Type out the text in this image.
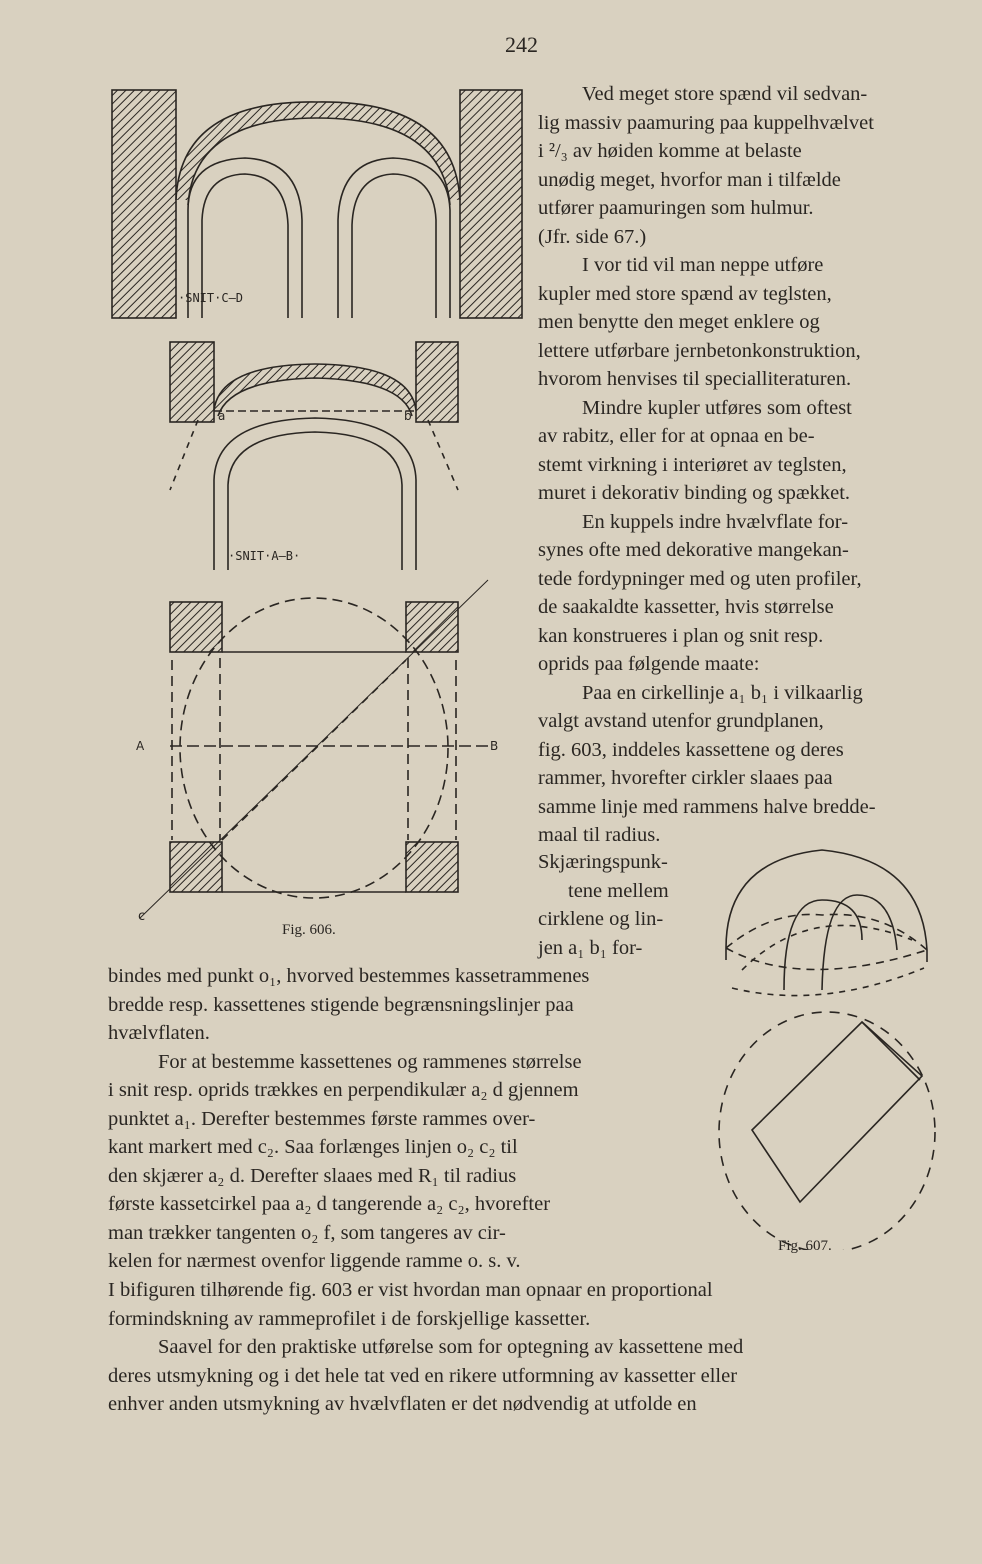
242
·SNIT·C–D
a	b
·SNIT·A–B·
A	B
c
Fig. 606.
Ved meget store spænd vil sedvan-
lig massiv paamuring paa kuppelhvælvet
i ²/₃ av høiden komme at belaste
unødig meget, hvorfor man i tilfælde
utfører paamuringen som hulmur.
(Jfr. side 67.)
I vor tid vil man neppe utføre
kupler med store spænd av teglsten,
men benytte den meget enklere og
lettere utførbare jernbetonkonstruktion,
hvorom henvises til specialliteraturen.
Mindre kupler utføres som oftest
av rabitz, eller for at opnaa en be-
stemt virkning i interiøret av teglsten,
muret i dekorativ binding og spækket.
En kuppels indre hvælvflate for-
synes ofte med dekorative mangekan-
tede fordypninger med og uten profiler,
de saakaldte kassetter, hvis størrelse
kan konstrueres i plan og snit resp.
oprids paa følgende maate:
Paa en cirkellinje a₁ b₁ i vilkaarlig
valgt avstand utenfor grundplanen,
fig. 603, inddeles kassettene og deres
rammer, hvorefter cirkler slaaes paa
samme linje med rammens halve bredde-
maal til radius.
Skjæringspunk-
tene mellem
cirklene og lin-
jen a₁ b₁ for-
Fig. 607.
bindes med punkt o₁, hvorved bestemmes kassetrammenes
bredde resp. kassettenes stigende begrænsningslinjer paa
hvælvflaten.
For at bestemme kassettenes og rammenes størrelse
i snit resp. oprids trækkes en perpendikulær a₂ d gjennem
punktet a₁. Derefter bestemmes første rammes over-
kant markert med c₂. Saa forlænges linjen o₂ c₂ til
den skjærer a₂ d. Derefter slaaes med R₁ til radius
første kassetcirkel paa a₂ d tangerende a₂ c₂, hvorefter
man trækker tangenten o₂ f, som tangeres av cir-
kelen for nærmest ovenfor liggende ramme o. s. v.
I bifiguren tilhørende fig. 603 er vist hvordan man opnaar en proportional
formindskning av rammeprofilet i de forskjellige kassetter.
Saavel for den praktiske utførelse som for optegning av kassettene med
deres utsmykning og i det hele tat ved en rikere utformning av kassetter eller
enhver anden utsmykning av hvælvflaten er det nødvendig at utfolde en
